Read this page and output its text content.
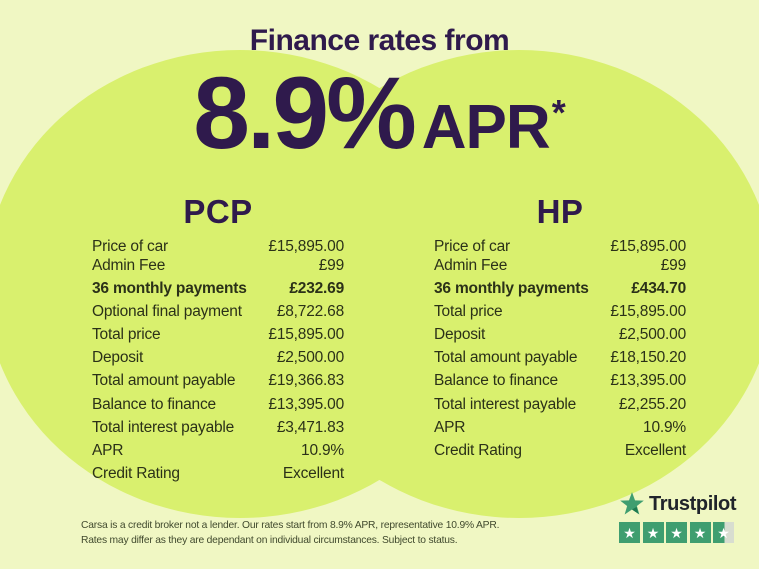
Finance rates from
8.9% APR *
PCP
Price of car	£15,895.00
Admin Fee	£99
36 monthly payments	£232.69
Optional final payment £8,722.68
Total price	£15,895.00
Deposit	£2,500.00
Total amount payable £19,366.83
Balance to finance	£13,395.00
Total interest payable	£3,471.83
APR	10.9%
Credit Rating	Excellent
HP
Price of car	£15,895.00
Admin Fee	£99
36 monthly payments	£434.70
Total price	£15,895.00
Deposit	£2,500.00
Total amount payable £18,150.20
Balance to finance	£13,395.00
Total interest payable	£2,255.20
APR	10.9%
Credit Rating	Excellent
Carsa is a credit broker not a lender. Our rates start from 8.9% APR, representative 10.9% APR.
Rates may differ as they are dependant on individual circumstances. Subject to status.
Trustpilot
★ ★ ★ ★ ★
